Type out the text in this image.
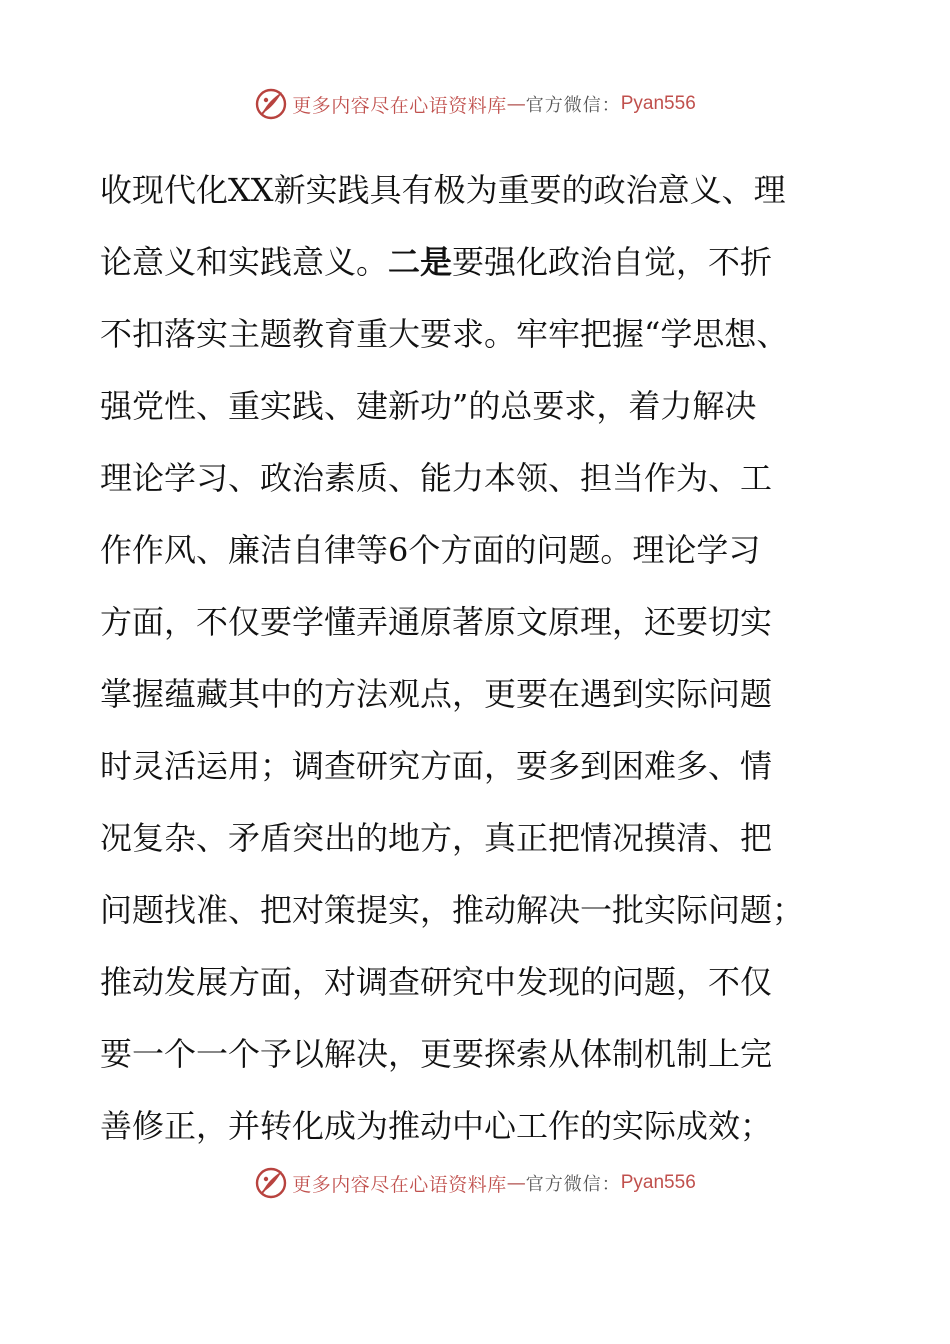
更多内容尽在心语资料库 — 官方微信： Pyan556
收现代化XX新实践具有极为重要的政治意义、理
论意义和实践意义。二是要强化政治自觉，不折
不扣落实主题教育重大要求。牢牢把握“学思想、
强党性、重实践、建新功”的总要求，着力解决
理论学习、政治素质、能力本领、担当作为、工
作作风、廉洁自律等6个方面的问题。理论学习
方面，不仅要学懂弄通原著原文原理，还要切实
掌握蕴藏其中的方法观点，更要在遇到实际问题
时灵活运用；调查研究方面，要多到困难多、情
况复杂、矛盾突出的地方，真正把情况摸清、把
问题找准、把对策提实，推动解决一批实际问题；
推动发展方面，对调查研究中发现的问题，不仅
要一个一个予以解决，更要探索从体制机制上完
善修正，并转化成为推动中心工作的实际成效；
更多内容尽在心语资料库 — 官方微信： Pyan556
